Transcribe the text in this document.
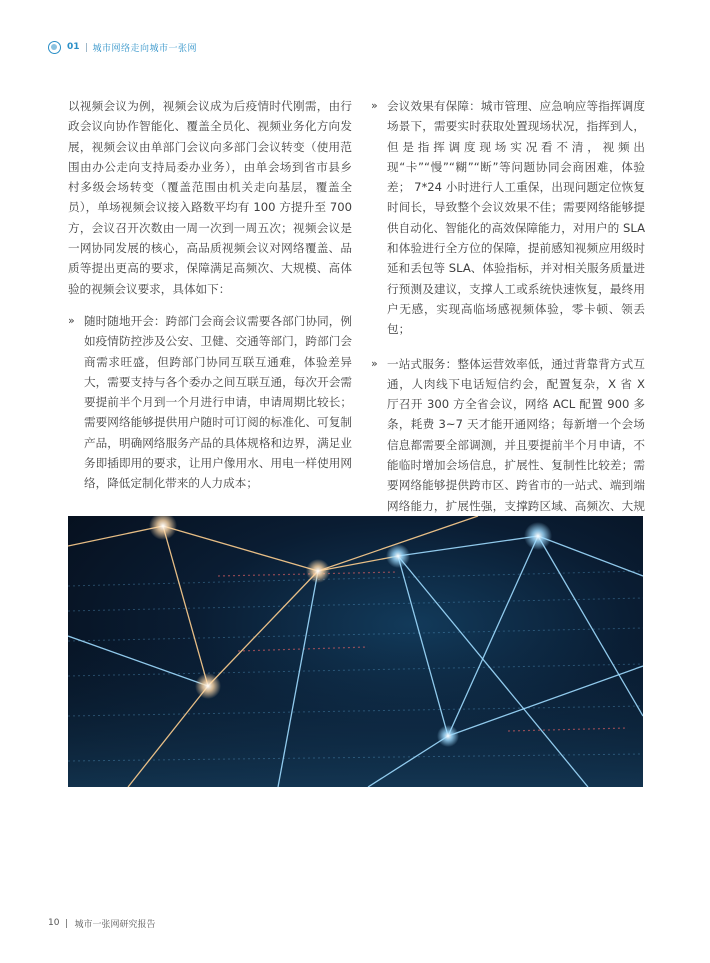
01 城市网络走向城市一张网

以视频会议为例，视频会议成为后疫情时代刚需，由行政会议向协作智能化、覆盖全员化、视频业务化方向发展，视频会议由单部门会议向多部门会议转变（使用范围由办公走向支持局委办业务），由单会场到省市县乡村多级会场转变（覆盖范围由机关走向基层，覆盖全员），单场视频会议接入路数平均有 100 方提升至 700 方，会议召开次数由一周一次到一周五次；视频会议是一网协同发展的核心，高品质视频会议对网络覆盖、品质等提出更高的要求，保障满足高频次、大规模、高体验的视频会议要求，具体如下：

» 随时随地开会：跨部门会商会议需要各部门协同，例如疫情防控涉及公安、卫健、交通等部门，跨部门会商需求旺盛，但跨部门协同互联互通难，体验差异大，需要支持与各个委办之间互联互通，每次开会需要提前半个月到一个月进行申请，申请周期比较长；需要网络能够提供用户随时可订阅的标准化、可复制产品，明确网络服务产品的具体规格和边界，满足业务即插即用的要求，让用户像用水、用电一样使用网络，降低定制化带来的人力成本；

» 会议效果有保障：城市管理、应急响应等指挥调度场景下，需要实时获取处置现场状况，指挥到人，但是指挥调度现场实况看不清，视频出现“卡”“慢”“糊”“断”等问题协同会商困难，体验差； 7*24 小时进行人工重保，出现问题定位恢复时间长，导致整个会议效果不佳；需要网络能够提供自动化、智能化的高效保障能力，对用户的 SLA 和体验进行全方位的保障，提前感知视频应用级时延和丢包等 SLA、体验指标，并对相关服务质量进行预测及建议，支撑人工或系统快速恢复，最终用户无感，实现高临场感视频体验，零卡顿、领丢包；

» 一站式服务：整体运营效率低，通过背靠背方式互通，人肉线下电话短信约会，配置复杂，X 省 X 厅召开 300 方全省会议，网络 ACL 配置 900 多条，耗费 3~7 天才能开通网络；每新增一个会场信息都需要全部调测，并且要提前半个月申请，不能临时增加会场信息，扩展性、复制性比较差；需要网络能够提供跨市区、跨省市的一站式、端到端网络能力，扩展性强，支撑跨区域、高频次、大规

10 城市一张网研究报告
